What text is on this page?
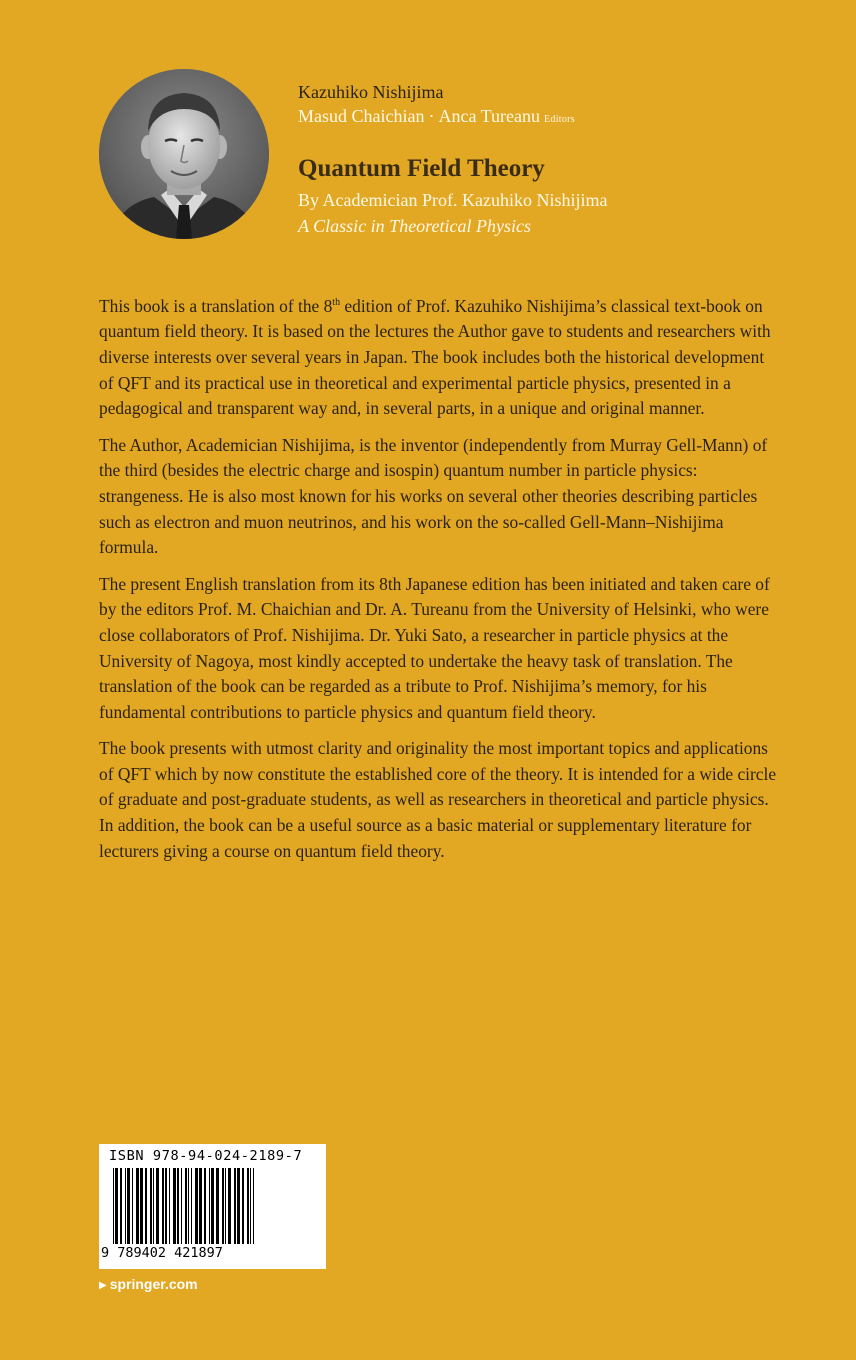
Kazuhiko Nishijima
Masud Chaichian · Anca Tureanu Editors
Quantum Field Theory
By Academician Prof. Kazuhiko Nishijima
A Classic in Theoretical Physics

This book is a translation of the 8th edition of Prof. Kazuhiko Nishijima’s classical text-book on quantum field theory. It is based on the lectures the Author gave to students and researchers with diverse interests over several years in Japan. The book includes both the historical development of QFT and its practical use in theoretical and experimental particle physics, presented in a pedagogical and transparent way and, in several parts, in a unique and original manner.

The Author, Academician Nishijima, is the inventor (independently from Murray Gell-Mann) of the third (besides the electric charge and isospin) quantum number in particle physics: strangeness. He is also most known for his works on several other theories describing particles such as electron and muon neutrinos, and his work on the so-called Gell-Mann–Nishijima formula.

The present English translation from its 8th Japanese edition has been initiated and taken care of by the editors Prof. M. Chaichian and Dr. A. Tureanu from the University of Helsinki, who were close collaborators of Prof. Nishijima. Dr. Yuki Sato, a researcher in particle physics at the University of Nagoya, most kindly accepted to undertake the heavy task of translation. The translation of the book can be regarded as a tribute to Prof. Nishijima’s memory, for his fundamental contributions to particle physics and quantum field theory.

The book presents with utmost clarity and originality the most important topics and applications of QFT which by now constitute the established core of the theory. It is intended for a wide circle of graduate and post-graduate students, as well as researchers in theoretical and particle physics. In addition, the book can be a useful source as a basic material or supplementary literature for lecturers giving a course on quantum field theory.

ISBN 978-94-024-2189-7
9 789402 421897
▶ springer.com
